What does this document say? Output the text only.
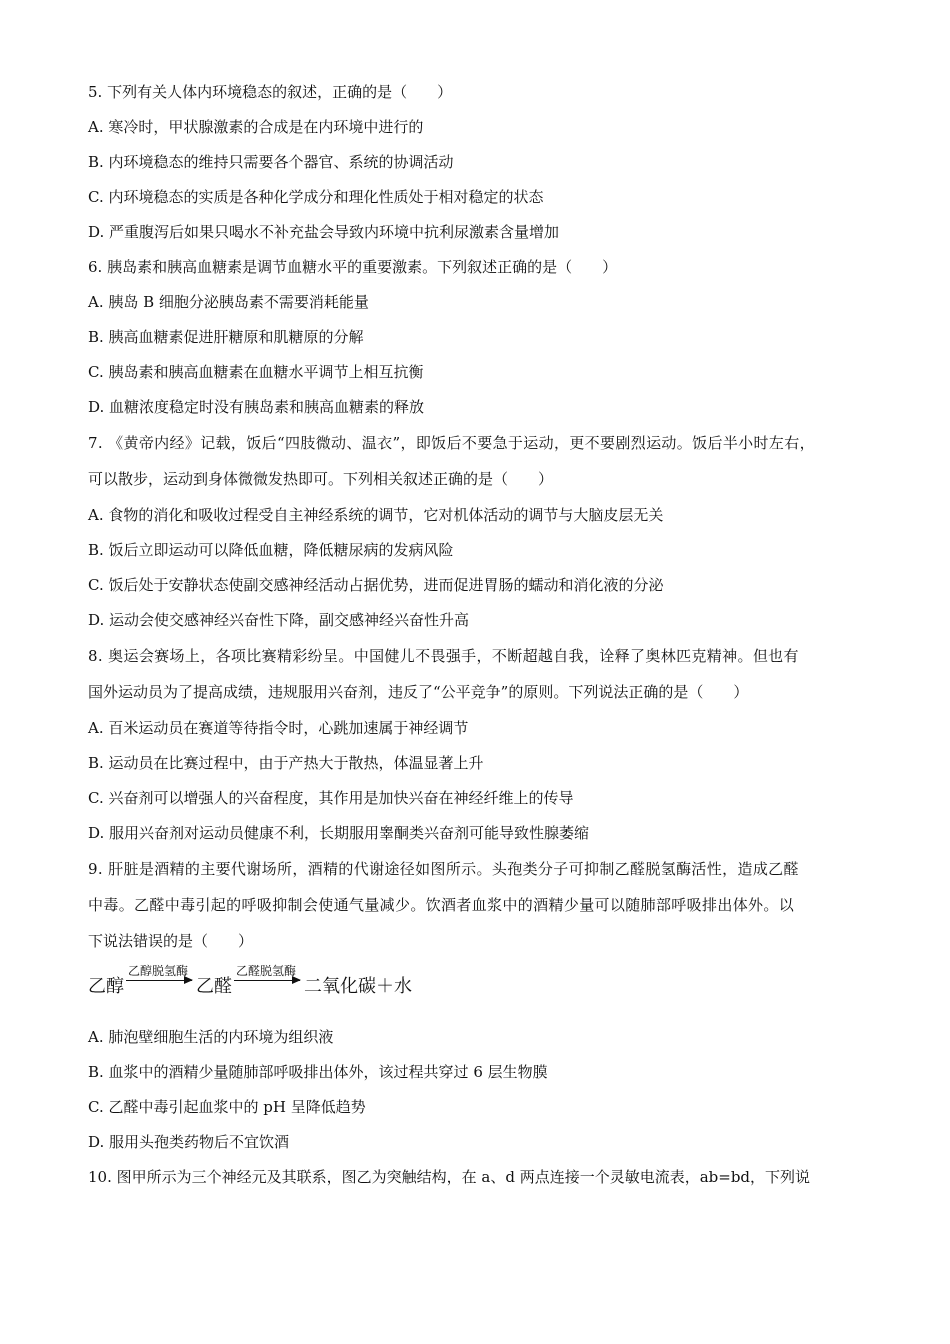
5. 下列有关人体内环境稳态的叙述，正确的是（　　）
A. 寒冷时，甲状腺激素的合成是在内环境中进行的
B. 内环境稳态的维持只需要各个器官、系统的协调活动
C. 内环境稳态的实质是各种化学成分和理化性质处于相对稳定的状态
D. 严重腹泻后如果只喝水不补充盐会导致内环境中抗利尿激素含量增加
6. 胰岛素和胰高血糖素是调节血糖水平的重要激素。下列叙述正确的是（　　）
A. 胰岛 B 细胞分泌胰岛素不需要消耗能量
B. 胰高血糖素促进肝糖原和肌糖原的分解
C. 胰岛素和胰高血糖素在血糖水平调节上相互抗衡
D. 血糖浓度稳定时没有胰岛素和胰高血糖素的释放
7. 《黄帝内经》记载，饭后“四肢微动、温衣”，即饭后不要急于运动，更不要剧烈运动。饭后半小时左右，
可以散步，运动到身体微微发热即可。下列相关叙述正确的是（　　）
A. 食物的消化和吸收过程受自主神经系统的调节，它对机体活动的调节与大脑皮层无关
B. 饭后立即运动可以降低血糖，降低糖尿病的发病风险
C. 饭后处于安静状态使副交感神经活动占据优势，进而促进胃肠的蠕动和消化液的分泌
D. 运动会使交感神经兴奋性下降，副交感神经兴奋性升高
8. 奥运会赛场上，各项比赛精彩纷呈。中国健儿不畏强手，不断超越自我，诠释了奥林匹克精神。但也有
国外运动员为了提高成绩，违规服用兴奋剂，违反了“公平竞争”的原则。下列说法正确的是（　　）
A. 百米运动员在赛道等待指令时，心跳加速属于神经调节
B. 运动员在比赛过程中，由于产热大于散热，体温显著上升
C. 兴奋剂可以增强人的兴奋程度，其作用是加快兴奋在神经纤维上的传导
D. 服用兴奋剂对运动员健康不利，长期服用睾酮类兴奋剂可能导致性腺萎缩
9. 肝脏是酒精的主要代谢场所，酒精的代谢途径如图所示。头孢类分子可抑制乙醛脱氢酶活性，造成乙醛
中毒。乙醛中毒引起的呼吸抑制会使通气量减少。饮酒者血浆中的酒精少量可以随肺部呼吸排出体外。以
下说法错误的是（　　）
乙醇
乙醇脱氢酶
乙醛
乙醛脱氢酶
二氧化碳＋水
A. 肺泡壁细胞生活的内环境为组织液
B. 血浆中的酒精少量随肺部呼吸排出体外，该过程共穿过 6 层生物膜
C. 乙醛中毒引起血浆中的 pH 呈降低趋势
D. 服用头孢类药物后不宜饮酒
10. 图甲所示为三个神经元及其联系，图乙为突触结构，在 a、d 两点连接一个灵敏电流表，ab=bd，下列说
